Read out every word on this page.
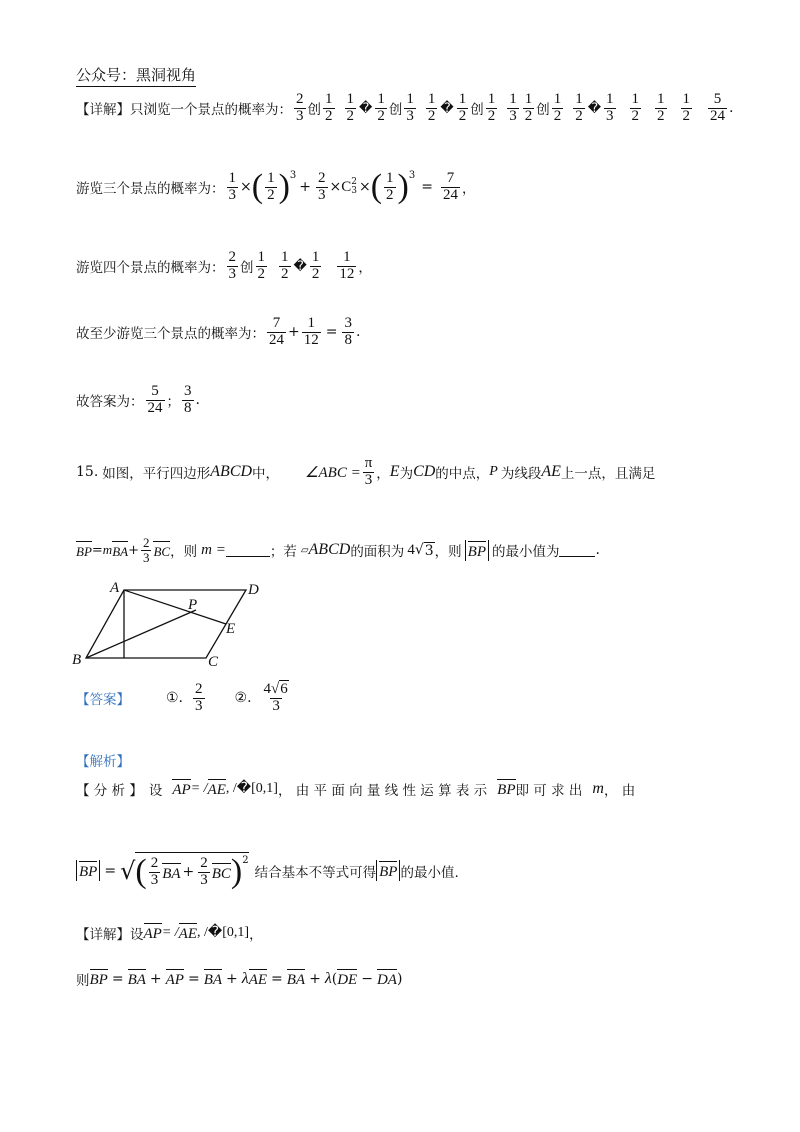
公众号：黑洞视角
【详解】 只浏览一个景点的概率为： $\frac{2}{3}$ 创 $\frac{1}{2} \frac{1}{2}$ � $\frac{1}{2}$ 创 $\frac{1}{3} \frac{1}{2}$ � $\frac{1}{2}$ 创 $\frac{1}{2} \frac{1}{3} \frac{1}{2}$ 创 $\frac{1}{2} \frac{1}{2}$ � $\frac{1}{3} \frac{1}{2} \frac{1}{2} \frac{1}{2} \frac{5}{24}$ .
游览三个景点的概率为： $\frac{1}{3}$ × ( $\frac{1}{2} )^3$
+ $\frac{2}{3} \times C$ 2
3 × ( $\frac{1}{2} )^3$
= $\frac{7}{24}$ ，
游览四个景点的概率为： $\frac{2}{3}$ 创 $\frac{1}{2} \frac{1}{2}$ � $\frac{1}{2} \frac{1}{12}$ ，
故至少游览三个景点的概率为： $\frac{7}{24} + \frac{1}{12} = \frac{3}{8}$ .
故答案为： $\frac{5}{24}$ ； $\frac{3}{8}$ .
15. 如图，平行四边形 ABCD 中， ∠ABC = $\frac{\pi}{3}$ ， E 为 CD 的中点， P 为线段 AE 上一点，且满足
BP = m BA + $\frac{2}{3}$ BC ，则 m =	；若 ▱ ABCD 的面积为 4 √ 3 ，则 BP 的最小值为	.
A	D
P
E
B	C
【答案】	①. $\frac{2}{3}$ ②. $\frac{4√6}{3}$
【解析】
【 分 析 】 设 AP = / AE , /�[0,1] ， 由 平 面 向 量 线 性 运 算 表 示 BP 即 可 求 出 m ， 由
BP = √ ( $\frac{2}{3}$ BA + $\frac{2}{3}$ BC )$^2$
结合基本不等式可得 BP 的最小值.
【详解】 设 AP = / AE , /�[0,1] ，
则 BP = BA + AP = BA + λ AE = BA + λ ( DE − DA )
